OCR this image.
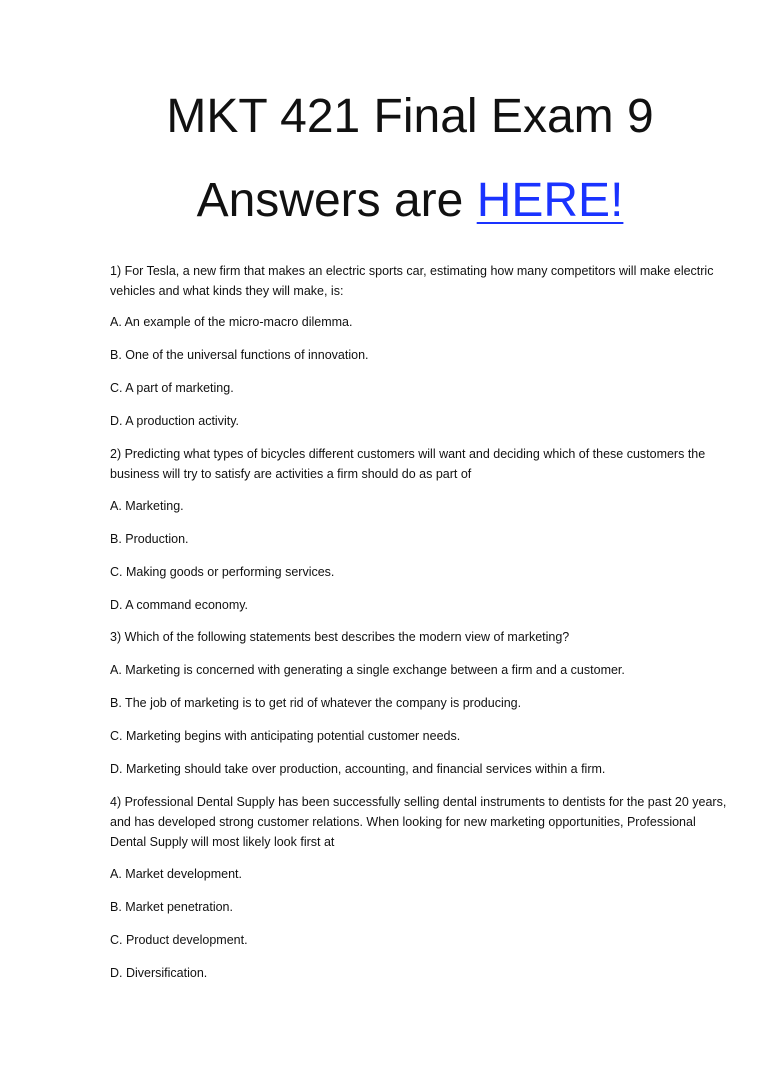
MKT 421 Final Exam 9
Answers are HERE!

1) For Tesla, a new firm that makes an electric sports car, estimating how many competitors will make electric vehicles and what kinds they will make, is:

A. An example of the micro-macro dilemma.

B. One of the universal functions of innovation.

C. A part of marketing.

D. A production activity.

2) Predicting what types of bicycles different customers will want and deciding which of these customers the business will try to satisfy are activities a firm should do as part of

A. Marketing.

B. Production.

C. Making goods or performing services.

D. A command economy.

3) Which of the following statements best describes the modern view of marketing?

A. Marketing is concerned with generating a single exchange between a firm and a customer.

B. The job of marketing is to get rid of whatever the company is producing.

C. Marketing begins with anticipating potential customer needs.

D. Marketing should take over production, accounting, and financial services within a firm.

4) Professional Dental Supply has been successfully selling dental instruments to dentists for the past 20 years, and has developed strong customer relations. When looking for new marketing opportunities, Professional Dental Supply will most likely look first at

A. Market development.

B. Market penetration.

C. Product development.

D. Diversification.
